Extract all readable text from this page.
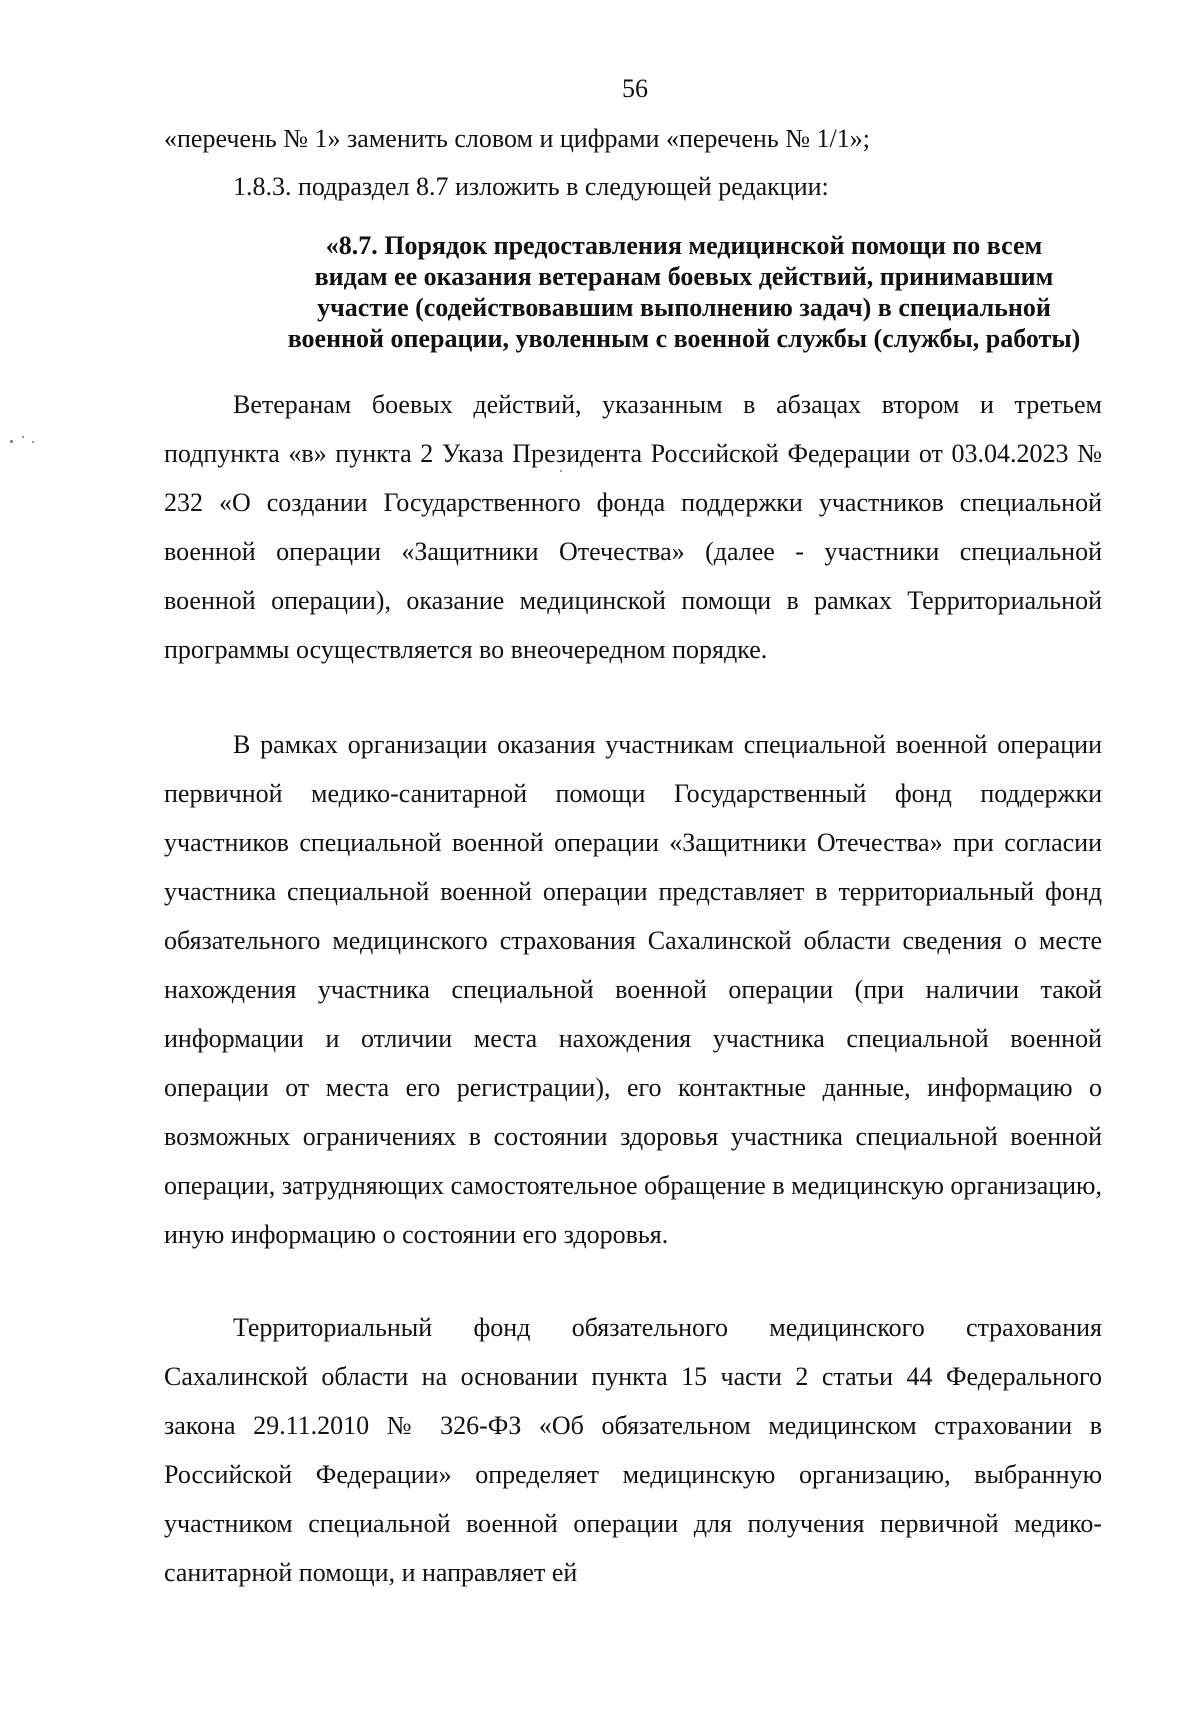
56
«перечень № 1» заменить словом и цифрами «перечень № 1/1»;
1.8.3. подраздел 8.7 изложить в следующей редакции:
«8.7. Порядок предоставления медицинской помощи по всем
видам ее оказания ветеранам боевых действий, принимавшим
участие (содействовавшим выполнению задач) в специальной
военной операции, уволенным с военной службы (службы, работы)

Ветеранам боевых действий, указанным в абзацах втором и третьем подпункта «в» пункта 2 Указа Президента Российской Федерации от 03.04.2023 № 232 «О создании Государственного фонда поддержки участников специальной военной операции «Защитники Отечества» (далее - участники специальной военной операции), оказание медицинской помощи в рамках Территориальной программы осуществляется во внеочередном порядке.

В рамках организации оказания участникам специальной военной операции первичной медико-санитарной помощи Государственный фонд поддержки участников специальной военной операции «Защитники Отечества» при согласии участника специальной военной операции представляет в территориальный фонд обязательного медицинского страхования Сахалинской области сведения о месте нахождения участника специальной военной операции (при наличии такой информации и отличии места нахождения участника специальной военной операции от места его регистрации), его контактные данные, информацию о возможных ограничениях в состоянии здоровья участника специальной военной операции, затрудняющих самостоятельное обращение в медицинскую организацию, иную информацию о состоянии его здоровья.

Территориальный фонд обязательного медицинского страхования Сахалинской области на основании пункта 15 части 2 статьи 44 Федерального закона 29.11.2010 № 326-ФЗ «Об обязательном медицинском страховании в Российской Федерации» определяет медицинскую организацию, выбранную участником специальной военной операции для получения первичной медико-санитарной помощи, и направляет ей
